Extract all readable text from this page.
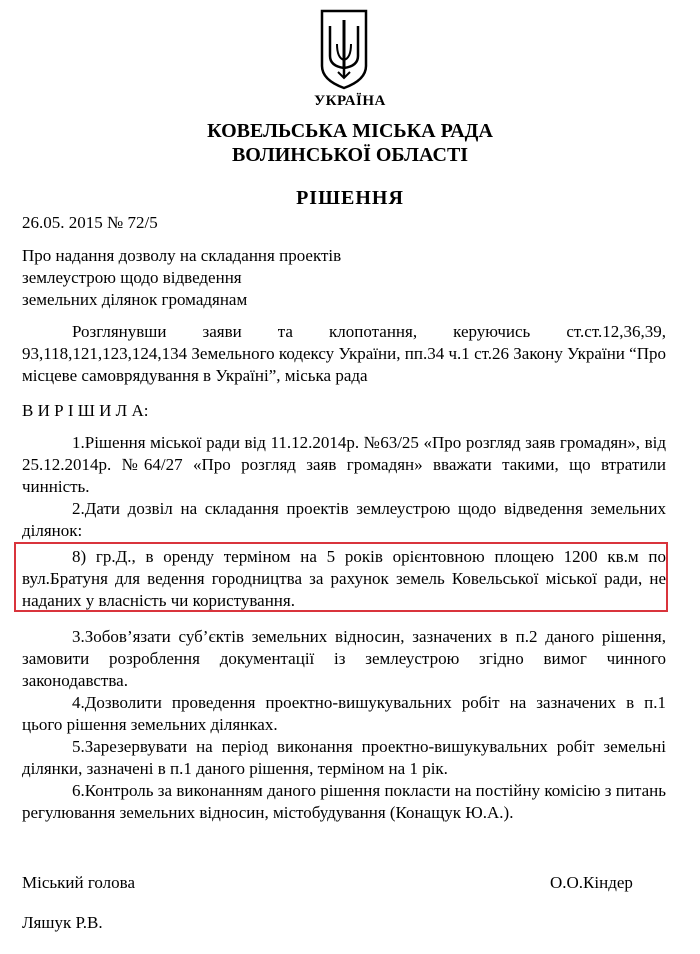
УКРАЇНА
КОВЕЛЬСЬКА МІСЬКА РАДА
ВОЛИНСЬКОЇ ОБЛАСТІ
РІШЕННЯ
26.05. 2015 № 72/5
Про надання дозволу на складання проектів
землеустрою щодо відведення
земельних ділянок громадянам
Розглянувши заяви та клопотання, керуючись ст.ст.12,36,39, 93,118,121,123,124,134 Земельного кодексу України, пп.34 ч.1 ст.26 Закону України “Про місцеве самоврядування в Україні”, міська рада
В И Р І Ш И Л А:
1.Рішення міської ради від 11.12.2014р. №63/25 «Про розгляд заяв громадян», від 25.12.2014р. №64/27 «Про розгляд заяв громадян» вважати такими, що втратили чинність.
2.Дати дозвіл на складання проектів землеустрою щодо відведення земельних ділянок:
8) гр.Д., в оренду терміном на 5 років орієнтовною площею 1200 кв.м по вул.Братуня для ведення городництва за рахунок земель Ковельської міської ради, не наданих у власність чи користування.
3.Зобов’язати суб’єктів земельних відносин, зазначених в п.2 даного рішення, замовити розроблення документації із землеустрою згідно вимог чинного законодавства.
4.Дозволити проведення проектно-вишукувальних робіт на зазначених в п.1 цього рішення земельних ділянках.
5.Зарезервувати на період виконання проектно-вишукувальних робіт земельні ділянки, зазначені в п.1 даного рішення, терміном на 1 рік.
6.Контроль за виконанням даного рішення покласти на постійну комісію з питань регулювання земельних відносин, містобудування (Конащук Ю.А.).
Міський голова	О.О.Кіндер
Ляшук Р.В.
